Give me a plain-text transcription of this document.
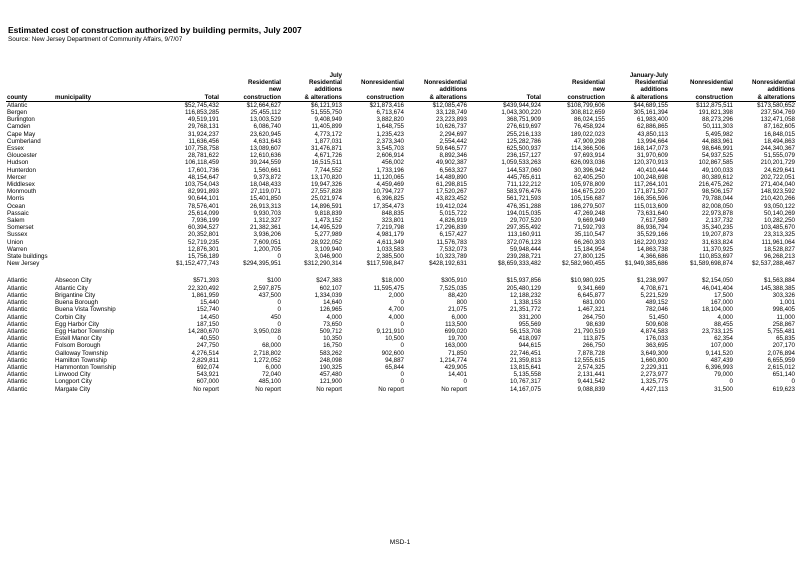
Estimated cost of construction authorized by building permits, July 2007
Source: New Jersey Department of Community Affairs, 9/7/07
				July					January-July		
			Residential	Residential	Nonresidential	Nonresidential		Residential	Residential	Nonresidential	Nonresidential
			new	additions	new	additions		new	additions	new	additions
county	municipality	Total	construction	& alterations	construction	& alterations	Total	construction	& alterations	construction	& alterations
Atlantic		$52,745,432	$12,664,627	$6,121,913	$21,873,416	$12,085,476	$439,944,924	$108,799,606	$44,689,155	$112,875,511	$173,580,652
Bergen		116,853,285	25,455,112	51,555,750	6,713,674	33,128,749	1,043,300,220	308,812,659	305,161,394	191,821,398	237,504,769
Burlington		49,519,191	13,003,529	9,408,949	3,882,820	23,223,893	368,751,909	86,024,155	61,983,400	88,273,296	132,471,058
Camden		29,768,131	6,086,740	11,405,899	1,648,755	10,626,737	276,619,697	76,458,924	62,886,865	50,111,303	87,162,605
Cape May		31,924,237	23,620,945	4,773,172	1,235,423	2,294,697	255,216,133	189,022,023	43,850,113	5,495,982	16,848,015
Cumberland		11,636,456	4,631,643	1,877,031	2,373,340	2,554,442	125,282,786	47,909,298	13,994,664	44,883,961	18,494,863
Essex		107,758,758	13,089,607	31,476,871	3,545,703	59,646,577	625,500,937	114,366,506	168,147,073	98,646,991	244,340,367
Gloucester		28,781,622	12,610,636	4,671,726	2,606,914	8,892,346	236,157,127	97,693,914	31,970,609	54,937,525	51,555,079
Hudson		106,118,459	39,244,559	16,515,511	456,002	49,902,387	1,059,533,263	626,093,036	120,370,913	102,867,585	210,201,729
Hunterdon		17,601,736	1,560,661	7,744,552	1,733,196	6,563,327	144,537,060	30,396,942	40,410,444	49,100,033	24,629,641
Mercer		48,154,647	9,373,872	13,170,820	11,120,065	14,489,890	445,765,611	62,405,250	100,248,698	80,389,612	202,722,051
Middlesex		103,754,043	18,048,433	19,947,326	4,459,469	61,298,815	711,122,212	105,978,809	117,264,101	216,475,262	271,404,040
Monmouth		82,991,893	27,119,071	27,557,828	10,794,727	17,520,267	583,976,476	164,675,220	171,871,507	98,506,157	148,923,592
Morris		90,644,101	15,401,850	25,021,974	6,396,825	43,823,452	561,721,593	105,156,687	166,356,596	79,788,044	210,420,266
Ocean		78,576,401	26,913,313	14,896,591	17,354,473	19,412,024	476,351,288	186,279,507	115,013,609	82,008,050	93,050,122
Passaic		25,614,099	9,930,703	9,818,839	848,835	5,015,722	194,015,035	47,269,248	73,631,640	22,973,878	50,140,269
Salem		7,936,199	1,312,327	1,473,152	323,801	4,826,919	29,707,520	9,669,949	7,617,589	2,137,732	10,282,250
Somerset		60,394,527	21,382,361	14,495,529	7,219,798	17,296,839	297,355,492	71,592,793	86,936,794	35,340,235	103,485,670
Sussex		20,352,801	3,936,206	5,277,989	4,981,179	6,157,427	113,160,911	35,110,547	35,529,166	19,207,873	23,313,325
Union		52,719,235	7,609,051	28,922,052	4,611,349	11,576,783	372,076,123	66,260,303	162,220,932	31,633,824	111,961,064
Warren		12,876,301	1,200,705	3,109,940	1,033,583	7,532,073	59,948,444	15,184,954	14,863,738	11,370,925	18,528,827
State buildings		15,756,189	0	3,046,900	2,385,500	10,323,789	239,288,721	27,800,125	4,366,686	110,853,697	96,268,213
New Jersey		$1,152,477,743	$294,395,951	$312,290,314	$117,598,847	$428,192,631	$8,659,333,482	$2,582,960,455	$1,949,385,686	$1,589,698,874	$2,537,288,467

Atlantic	Absecon City	$571,393	$100	$247,383	$18,000	$305,910	$15,937,856	$10,980,925	$1,238,997	$2,154,050	$1,563,884
Atlantic	Atlantic City	22,320,492	2,597,875	602,107	11,595,475	7,525,035	205,480,129	9,341,669	4,708,671	46,041,404	145,388,385
Atlantic	Brigantine City	1,861,959	437,500	1,334,039	2,000	88,420	12,188,232	6,645,877	5,221,529	17,500	303,326
Atlantic	Buena Borough	15,440	0	14,640	0	800	1,338,153	681,000	489,152	167,000	1,001
Atlantic	Buena Vista Township	152,740	0	126,965	4,700	21,075	21,351,772	1,467,321	782,046	18,104,000	998,405
Atlantic	Corbin City	14,450	450	4,000	4,000	6,000	331,200	264,750	51,450	4,000	11,000
Atlantic	Egg Harbor City	187,150	0	73,650	0	113,500	955,569	98,639	509,608	88,455	258,867
Atlantic	Egg Harbor Township	14,280,670	3,950,028	509,712	9,121,910	699,020	56,153,708	21,790,519	4,874,583	23,733,125	5,755,481
Atlantic	Estell Manor City	40,550	0	10,350	10,500	19,700	418,097	113,875	176,033	62,354	65,835
Atlantic	Folsom Borough	247,750	68,000	16,750	0	163,000	944,615	266,750	363,695	107,000	207,170
Atlantic	Galloway Township	4,276,514	2,718,802	583,262	902,600	71,850	22,746,451	7,878,728	3,649,309	9,141,520	2,076,894
Atlantic	Hamilton Township	2,829,811	1,272,052	248,098	94,887	1,214,774	21,359,813	12,555,615	1,660,800	487,439	6,655,959
Atlantic	Hammonton Township	692,074	6,000	190,325	65,844	429,905	13,815,641	2,574,325	2,229,311	6,396,993	2,615,012
Atlantic	Linwood City	543,921	72,040	457,480	0	14,401	5,135,558	2,131,441	2,273,977	79,000	651,140
Atlantic	Longport City	607,000	485,100	121,900	0	0	10,767,317	9,441,542	1,325,775	0	0
Atlantic	Margate City	No report	No report	No report	No report	No report	14,167,075	9,088,839	4,427,113	31,500	619,623
MSD-1
